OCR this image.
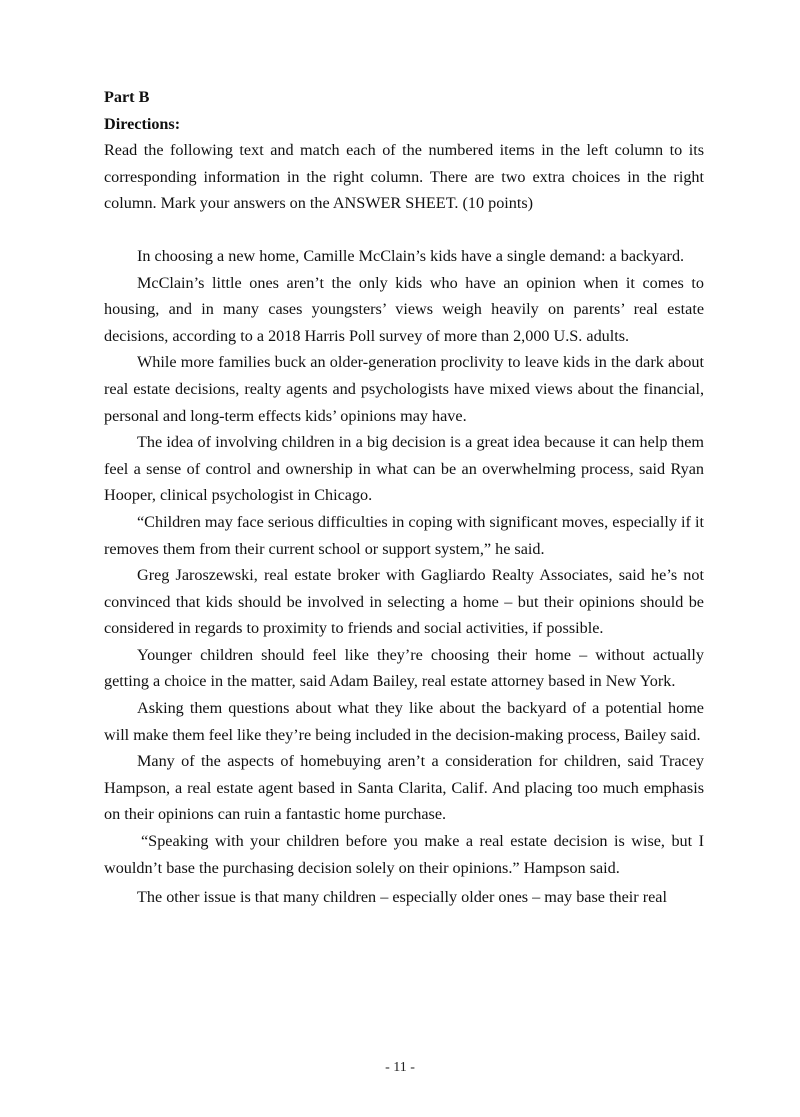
Part B

Directions:

Read the following text and match each of the numbered items in the left column to its corresponding information in the right column. There are two extra choices in the right column. Mark your answers on the ANSWER SHEET. (10 points)

In choosing a new home, Camille McClain’s kids have a single demand: a backyard.

McClain’s little ones aren’t the only kids who have an opinion when it comes to housing, and in many cases youngsters’ views weigh heavily on parents’ real estate decisions, according to a 2018 Harris Poll survey of more than 2,000 U.S. adults.

While more families buck an older-generation proclivity to leave kids in the dark about real estate decisions, realty agents and psychologists have mixed views about the financial, personal and long-term effects kids’ opinions may have.

The idea of involving children in a big decision is a great idea because it can help them feel a sense of control and ownership in what can be an overwhelming process, said Ryan Hooper, clinical psychologist in Chicago.

“Children may face serious difficulties in coping with significant moves, especially if it removes them from their current school or support system,” he said.

Greg Jaroszewski, real estate broker with Gagliardo Realty Associates, said he’s not convinced that kids should be involved in selecting a home – but their opinions should be considered in regards to proximity to friends and social activities, if possible.

Younger children should feel like they’re choosing their home – without actually getting a choice in the matter, said Adam Bailey, real estate attorney based in New York.

Asking them questions about what they like about the backyard of a potential home will make them feel like they’re being included in the decision-making process, Bailey said.

Many of the aspects of homebuying aren’t a consideration for children, said Tracey Hampson, a real estate agent based in Santa Clarita, Calif. And placing too much emphasis on their opinions can ruin a fantastic home purchase.

“Speaking with your children before you make a real estate decision is wise, but I wouldn’t base the purchasing decision solely on their opinions.” Hampson said.

The other issue is that many children – especially older ones – may base their real

- 11 -
